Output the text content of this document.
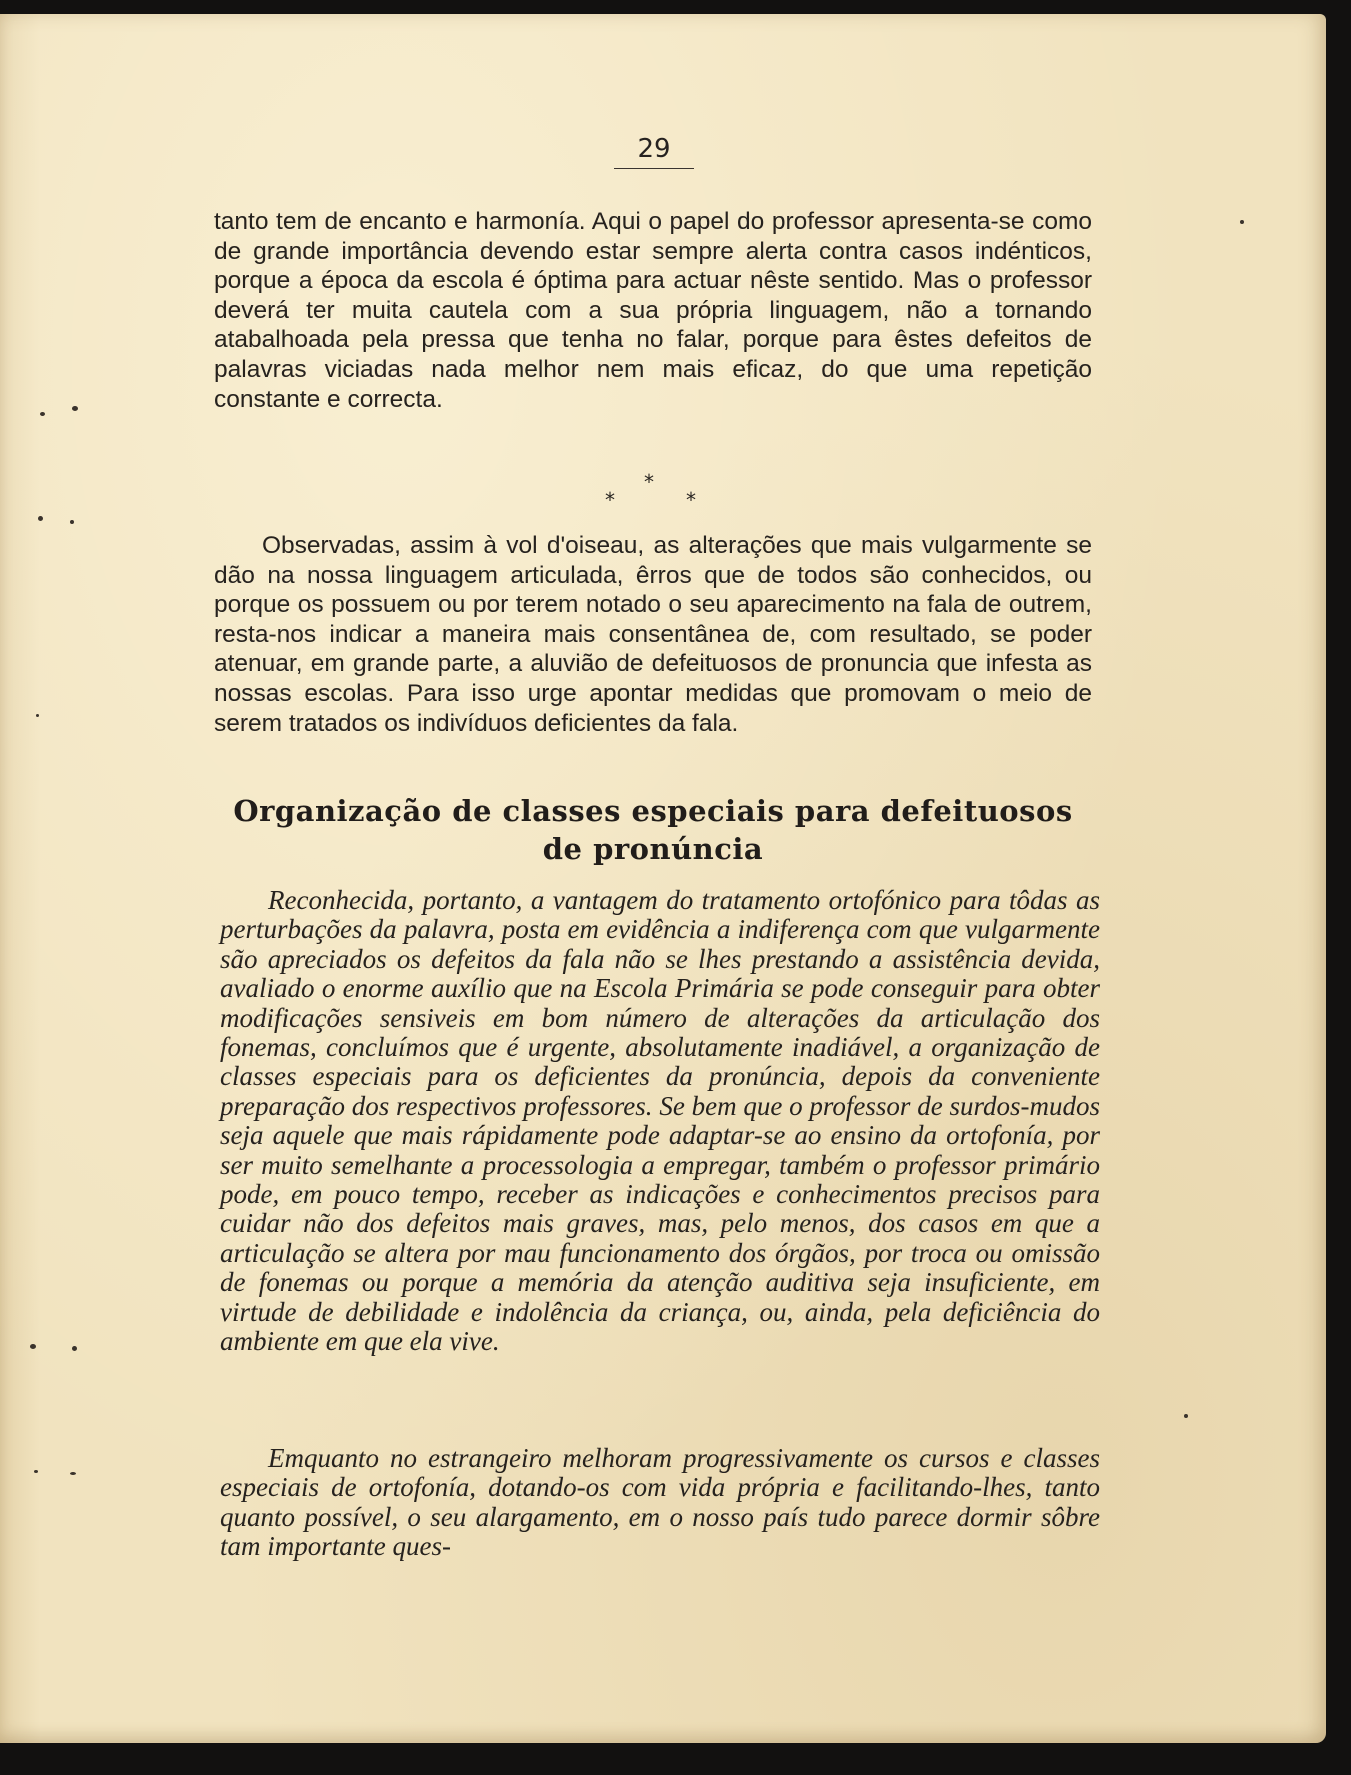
29

tanto tem de encanto e harmonía. Aqui o papel do professor apresenta-se como de grande importância devendo estar sempre alerta contra casos indénticos, porque a época da escola é óptima para actuar nêste sentido. Mas o professor deverá ter muita cautela com a sua própria linguagem, não a tornando atabalhoada pela pressa que tenha no falar, porque para êstes defeitos de palavras viciadas nada melhor nem mais eficaz, do que uma repetição constante e correcta.

*
*	*

Observadas, assim à vol d'oiseau, as alterações que mais vulgarmente se dão na nossa linguagem articulada, êrros que de todos são conhecidos, ou porque os possuem ou por terem notado o seu aparecimento na fala de outrem, resta-nos indicar a maneira mais consentânea de, com resultado, se poder atenuar, em grande parte, a aluvião de defeituosos de pronuncia que infesta as nossas escolas. Para isso urge apontar medidas que promovam o meio de serem tratados os indivíduos deficientes da fala.

Organização de classes especiais para defeituosos de pronúncia

Reconhecida, portanto, a vantagem do tratamento ortofónico para tôdas as perturbações da palavra, posta em evidência a indiferença com que vulgarmente são apreciados os defeitos da fala não se lhes prestando a assistência devida, avaliado o enorme auxílio que na Escola Primária se pode conseguir para obter modificações sensiveis em bom número de alterações da articulação dos fonemas, concluímos que é urgente, absolutamente inadiável, a organização de classes especiais para os deficientes da pronúncia, depois da conveniente preparação dos respectivos professores. Se bem que o professor de surdos-mudos seja aquele que mais rápidamente pode adaptar-se ao ensino da ortofonía, por ser muito semelhante a processologia a empregar, também o professor primário pode, em pouco tempo, receber as indicações e conhecimentos precisos para cuidar não dos defeitos mais graves, mas, pelo menos, dos casos em que a articulação se altera por mau funcionamento dos órgãos, por troca ou omissão de fonemas ou porque a memória da atenção auditiva seja insuficiente, em virtude de debilidade e indolência da criança, ou, ainda, pela deficiência do ambiente em que ela vive.

Emquanto no estrangeiro melhoram progressivamente os cursos e classes especiais de ortofonía, dotando-os com vida própria e facilitando-lhes, tanto quanto possível, o seu alargamento, em o nosso país tudo parece dormir sôbre tam importante ques-
